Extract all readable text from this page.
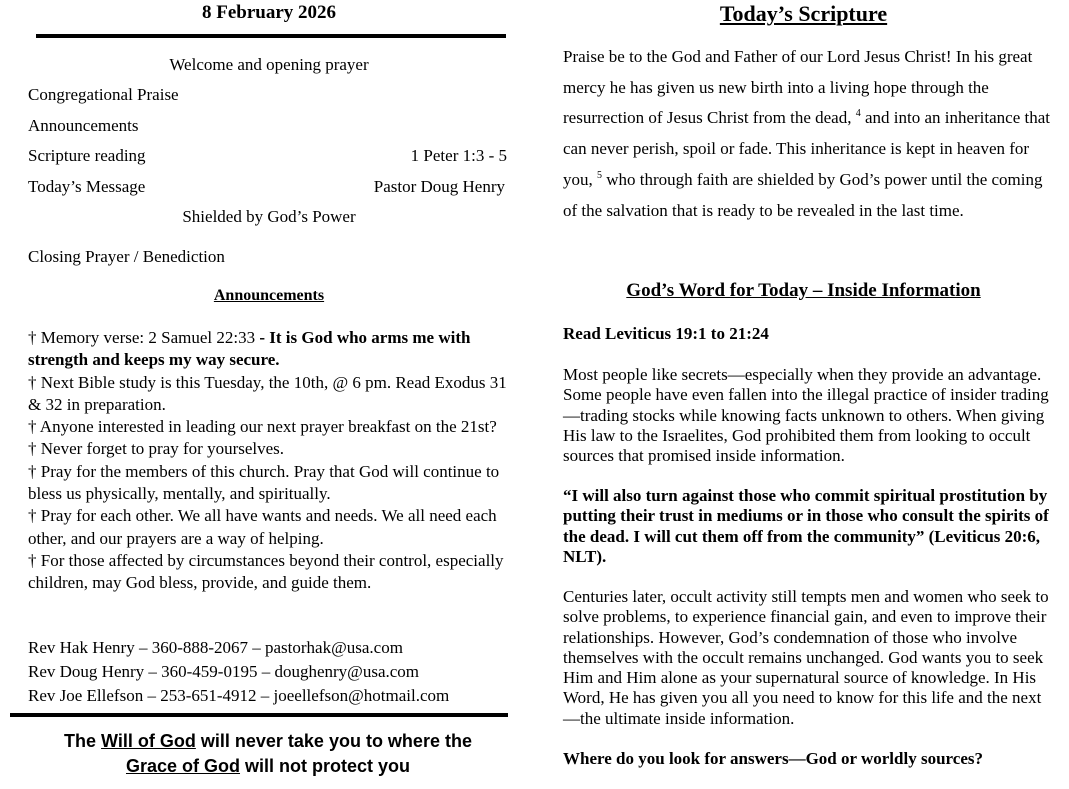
8 February 2026
Welcome and opening prayer
Congregational Praise
Announcements
Scripture reading	1 Peter 1:3 - 5
Today’s Message	Pastor Doug Henry
Shielded by God’s Power
Closing Prayer / Benediction
Announcements

† Memory verse: 2 Samuel 22:33 - It is God who arms me with strength and keeps my way secure.

† Next Bible study is this Tuesday, the 10th, @ 6 pm. Read Exodus 31 & 32 in preparation.

† Anyone interested in leading our next prayer breakfast on the 21st?

† Never forget to pray for yourselves.

† Pray for the members of this church. Pray that God will continue to bless us physically, mentally, and spiritually.

† Pray for each other. We all have wants and needs. We all need each other, and our prayers are a way of helping.

† For those affected by circumstances beyond their control, especially children, may God bless, provide, and guide them.

Rev Hak Henry – 360-888-2067 – pastorhak@usa.com
Rev Doug Henry – 360-459-0195 – doughenry@usa.com
Rev Joe Ellefson – 253-651-4912 – joeellefson@hotmail.com
The Will of God will never take you to where the
Grace of God will not protect you
Today’s Scripture
Praise be to the God and Father of our Lord Jesus Christ! In his great mercy he has given us new birth into a living hope through the resurrection of Jesus Christ from the dead, $^4$ and into an inheritance that can never perish, spoil or fade. This inheritance is kept in heaven for you, $^5$ who through faith are shielded by God’s power until the coming of the salvation that is ready to be revealed in the last time.
God’s Word for Today – Inside Information

Read Leviticus 19:1 to 21:24

Most people like secrets—especially when they provide an advantage. Some people have even fallen into the illegal practice of insider trading—trading stocks while knowing facts unknown to others. When giving His law to the Israelites, God prohibited them from looking to occult sources that promised inside information.

“I will also turn against those who commit spiritual prostitution by putting their trust in mediums or in those who consult the spirits of the dead. I will cut them off from the community” (Leviticus 20:6, NLT).

Centuries later, occult activity still tempts men and women who seek to solve problems, to experience financial gain, and even to improve their relationships. However, God’s condemnation of those who involve themselves with the occult remains unchanged. God wants you to seek Him and Him alone as your supernatural source of knowledge. In His Word, He has given you all you need to know for this life and the next—the ultimate inside information.

Where do you look for answers—God or worldly sources?
